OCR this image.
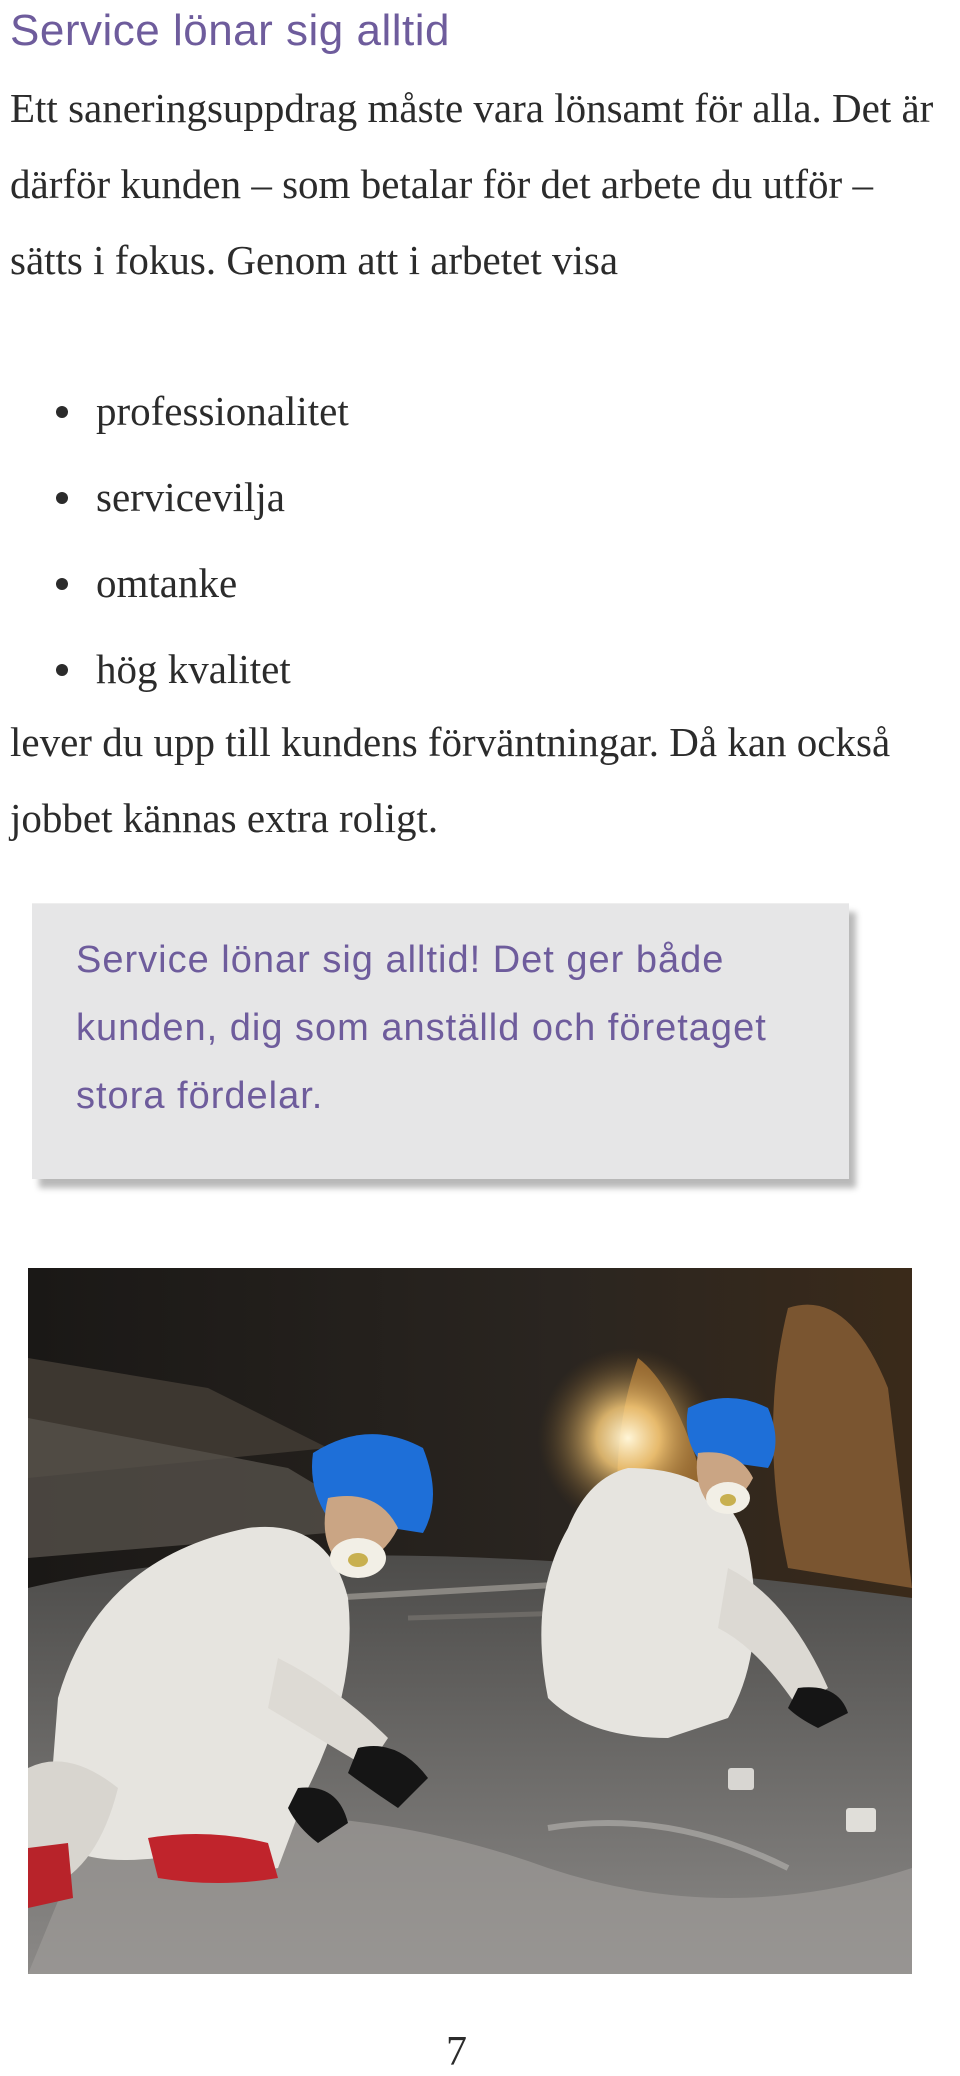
Service lönar sig alltid
Ett saneringsuppdrag måste vara lönsamt för alla. Det är därför kunden – som betalar för det arbete du utför – sätts i fokus. Genom att i arbetet visa
professionalitet
servicevilja
omtanke
hög kvalitet
lever du upp till kundens förväntningar. Då kan också jobbet kännas extra roligt.
Service lönar sig alltid! Det ger både kunden, dig som anställd och företaget stora fördelar.
7
